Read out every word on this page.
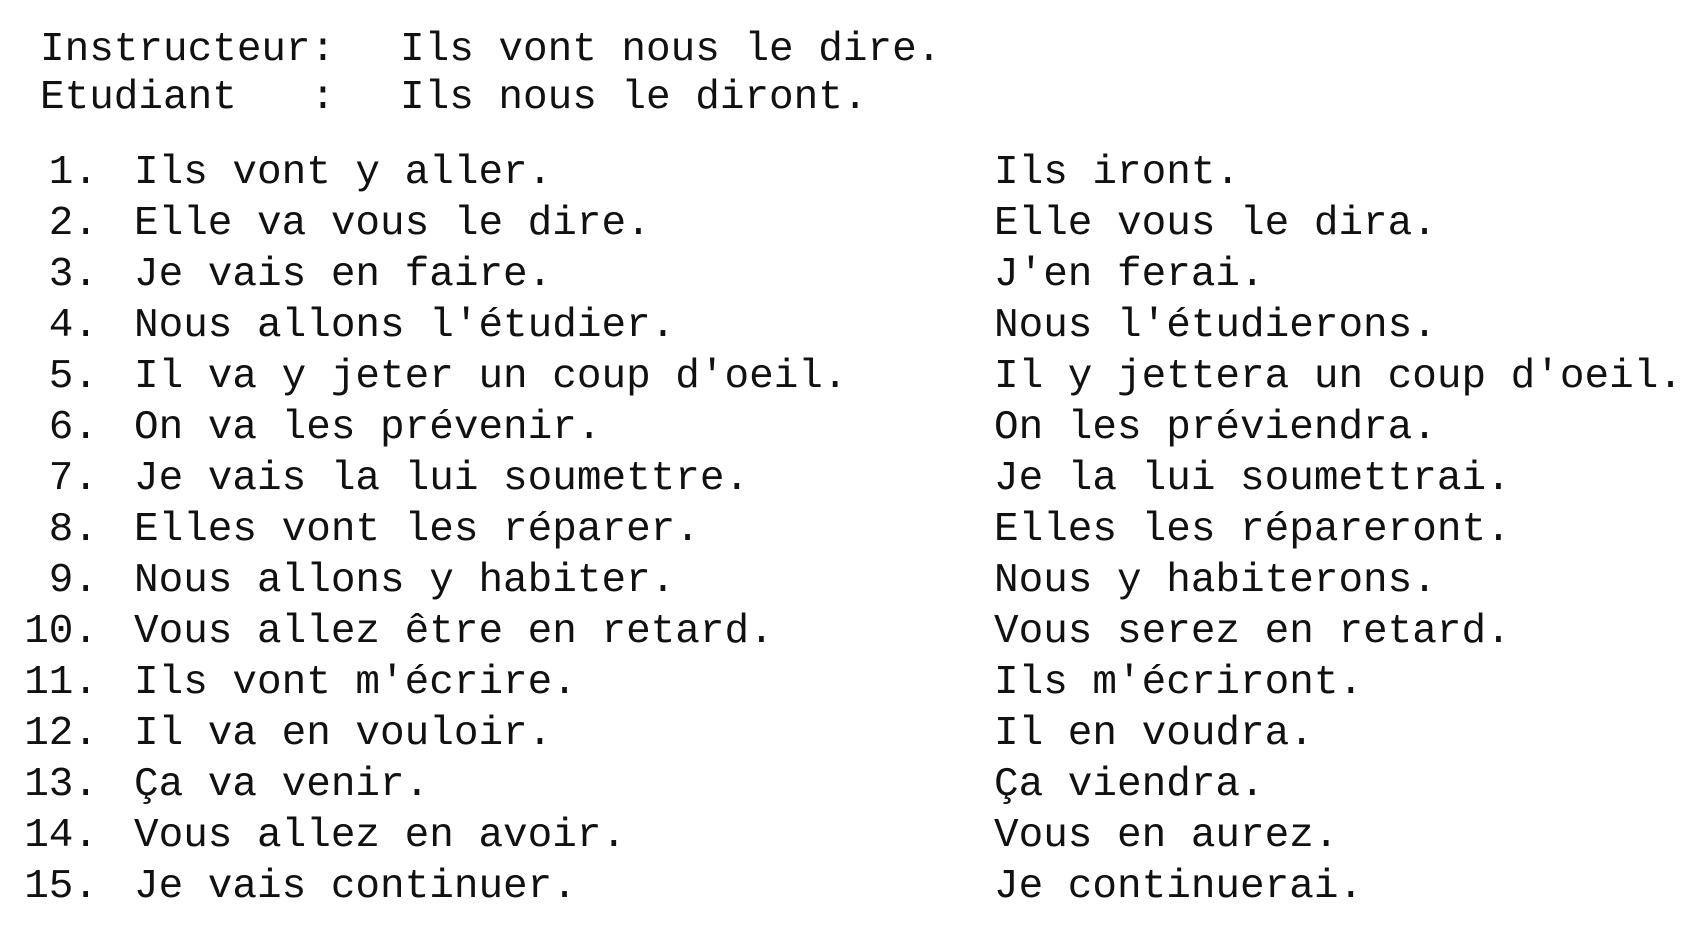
Instructeur:	Ils vont nous le dire.
Etudiant   :	Ils nous le diront.
1. Ils vont y aller.	Ils iront.
2. Elle va vous le dire.	Elle vous le dira.
3. Je vais en faire.	J'en ferai.
4. Nous allons l'étudier.	Nous l'étudierons.
5. Il va y jeter un coup d'oeil.	Il y jettera un coup d'oeil.
6. On va les prévenir.	On les préviendra.
7. Je vais la lui soumettre.	Je la lui soumettrai.
8. Elles vont les réparer.	Elles les répareront.
9. Nous allons y habiter.	Nous y habiterons.
10. Vous allez être en retard.	Vous serez en retard.
11. Ils vont m'écrire.	Ils m'écriront.
12. Il va en vouloir.	Il en voudra.
13. Ça va venir.	Ça viendra.
14. Vous allez en avoir.	Vous en aurez.
15. Je vais continuer.	Je continuerai.
